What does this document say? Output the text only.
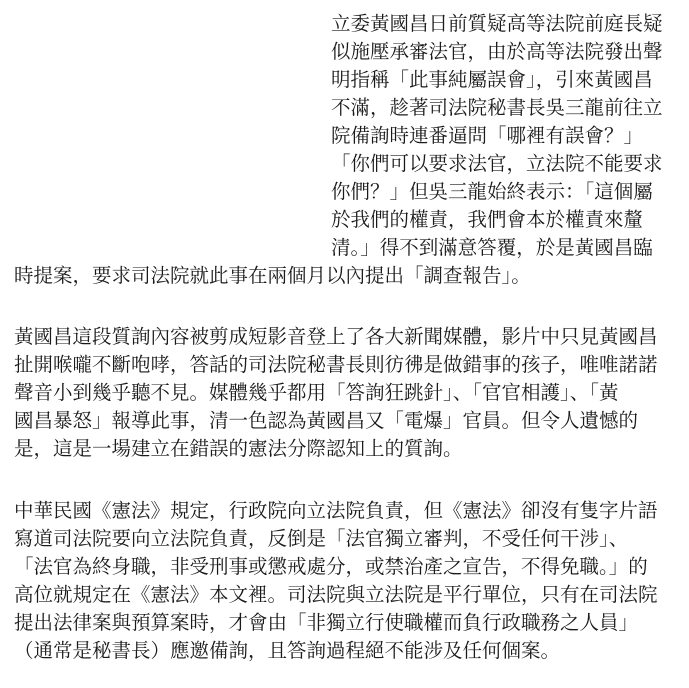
立委黃國昌日前質疑高等法院前庭長疑
似施壓承審法官，由於高等法院發出聲
明指稱「此事純屬誤會」，引來黃國昌
不滿，趁著司法院秘書長吳三龍前往立
院備詢時連番逼問「哪裡有誤會？」
「你們可以要求法官，立法院不能要求
你們？」但吳三龍始終表示：「這個屬
於我們的權責，我們會本於權責來釐
清。」得不到滿意答覆，於是黃國昌臨
時提案，要求司法院就此事在兩個月以內提出「調查報告」。
黃國昌這段質詢內容被剪成短影音登上了各大新聞媒體，影片中只見黃國昌
扯開喉嚨不斷咆哮，答話的司法院秘書長則彷彿是做錯事的孩子，唯唯諾諾
聲音小到幾乎聽不見。媒體幾乎都用「答詢狂跳針」、「官官相護」、「黃
國昌暴怒」報導此事，清一色認為黃國昌又「電爆」官員。但令人遺憾的
是，這是一場建立在錯誤的憲法分際認知上的質詢。
中華民國《憲法》規定，行政院向立法院負責，但《憲法》卻沒有隻字片語
寫道司法院要向立法院負責，反倒是「法官獨立審判，不受任何干涉」、
「法官為終身職，非受刑事或懲戒處分，或禁治產之宣告，不得免職。」的
高位就規定在《憲法》本文裡。司法院與立法院是平行單位，只有在司法院
提出法律案與預算案時，才會由「非獨立行使職權而負行政職務之人員」
（通常是秘書長）應邀備詢，且答詢過程絕不能涉及任何個案。
